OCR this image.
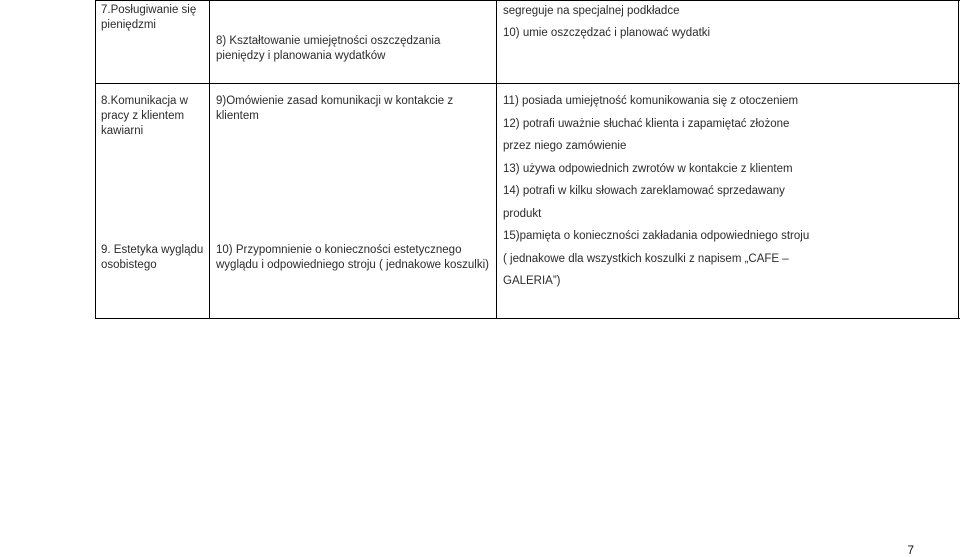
7.Posługiwanie się pieniędzmi
8) Kształtowanie umiejętności oszczędzania pieniędzy i planowania wydatków
segreguje na specjalnej podkładce
10) umie oszczędzać i planować wydatki
8.Komunikacja w pracy z klientem kawiarni
9)Omówienie zasad komunikacji w kontakcie z klientem
11) posiada umiejętność komunikowania się z otoczeniem
12) potrafi uważnie słuchać klienta i zapamiętać złożone
przez niego zamówienie
13) używa odpowiednich zwrotów w kontakcie z klientem
14) potrafi w kilku słowach zareklamować sprzedawany
produkt
9. Estetyka wyglądu osobistego
10) Przypomnienie o konieczności estetycznego wyglądu i odpowiedniego stroju ( jednakowe koszulki)
15)pamięta o konieczności zakładania odpowiedniego stroju
( jednakowe dla wszystkich koszulki z napisem „CAFE –
GALERIA”)
7
